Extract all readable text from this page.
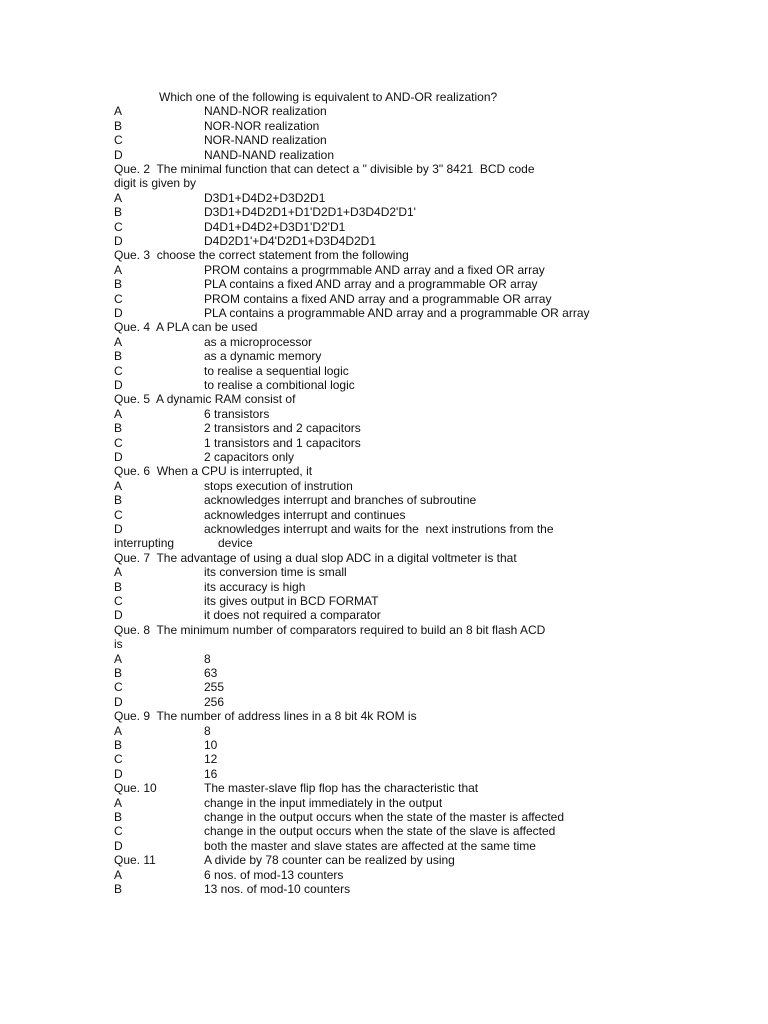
Which one of the following is equivalent to AND-OR realization?
A	NAND-NOR realization
B	NOR-NOR realization
C	NOR-NAND realization
D	NAND-NAND realization
Que. 2  The minimal function that can detect a " divisible by 3" 8421  BCD code
digit is given by
A	D3D1+D4D2+D3D2D1
B	D3D1+D4D2D1+D1'D2D1+D3D4D2'D1'
C	D4D1+D4D2+D3D1'D2'D1
D	D4D2D1'+D4'D2D1+D3D4D2D1
Que. 3  choose the correct statement from the following
A	PROM contains a progrmmable AND array and a fixed OR array
B	PLA contains a fixed AND array and a programmable OR array
C	PROM contains a fixed AND array and a programmable OR array
D	PLA contains a programmable AND array and a programmable OR array
Que. 4  A PLA can be used
A	as a microprocessor
B	as a dynamic memory
C	to realise a sequential logic
D	to realise a combitional logic
Que. 5  A dynamic RAM consist of
A	6 transistors
B	2 transistors and 2 capacitors
C	1 transistors and 1 capacitors
D	2 capacitors only
Que. 6  When a CPU is interrupted, it
A	stops execution of instrution
B	acknowledges interrupt and branches of subroutine
C	acknowledges interrupt and continues
D	acknowledges interrupt and waits for the  next instrutions from the
interrupting	device
Que. 7  The advantage of using a dual slop ADC in a digital voltmeter is that
A	its conversion time is small
B	its accuracy is high
C	its gives output in BCD FORMAT
D	it does not required a comparator
Que. 8  The minimum number of comparators required to build an 8 bit flash ACD
is
A	8
B	63
C	255
D	256
Que. 9  The number of address lines in a 8 bit 4k ROM is
A	8
B	10
C	12
D	16
Que. 10	The master-slave flip flop has the characteristic that
A	change in the input immediately in the output
B	change in the output occurs when the state of the master is affected
C	change in the output occurs when the state of the slave is affected
D	both the master and slave states are affected at the same time
Que. 11	A divide by 78 counter can be realized by using
A	6 nos. of mod-13 counters
B	13 nos. of mod-10 counters
